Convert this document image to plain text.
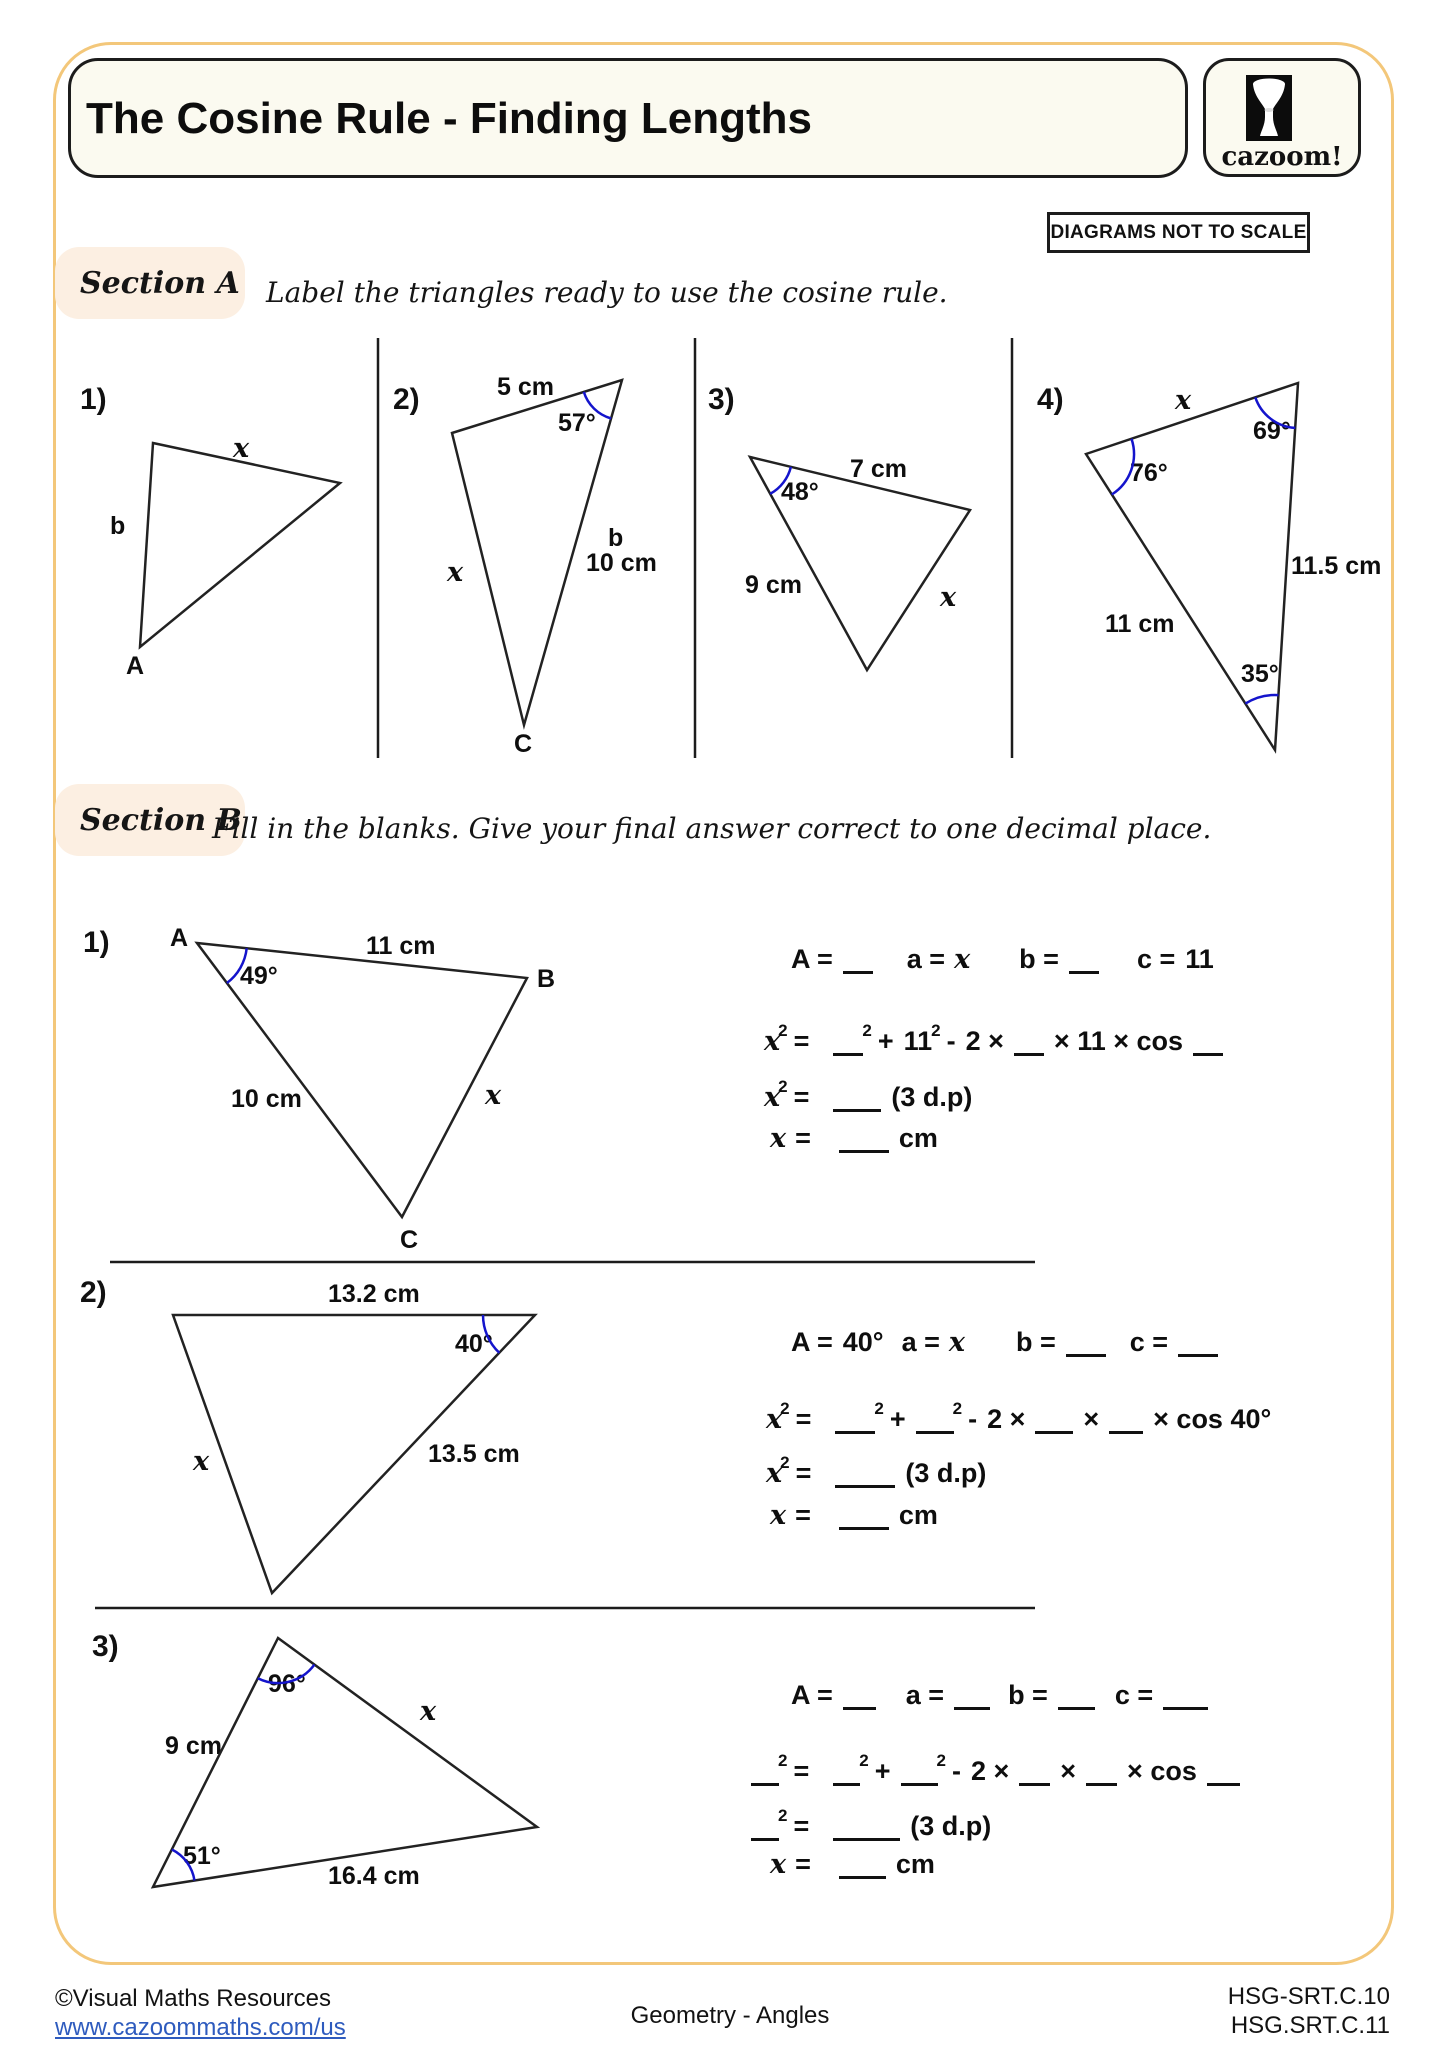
The Cosine Rule - Finding Lengths
cazoom!
DIAGRAMS NOT TO SCALE
Section A Label the triangles ready to use the cosine rule.
Section B
Fill in the blanks. Give your final answer correct to one decimal place.
1)
x
b
A
2)	5 cm
57°
x
b
10 cm
C
3)
7 cm
48°
9 cm	x
4)	x
69°
76°
11.5 cm
11 cm
35°
1) A	11 cm
B
49°
10 cm	x
C
A =	a = x b =	c = 11
x2 =	2 + 112 - 2 × × 11 × cos
x2 =	(3 d.p)
x =	cm
2)	13.2 cm
40°
x	13.5 cm
A = 40° a = x b =	c =
x2 =	2 +	2 - 2 × × × cos 40°
x2 =	(3 d.p)
x =	cm
3)
96°
x
9 cm
51°
16.4 cm
A =	a = b = c =
2 =	2 +	2 - 2 × × × cos
2 =	(3 d.p)
x =	cm
©Visual Maths Resources
www.cazoommaths.com/us	Geometry - Angles
HSG-SRT.C.10
HSG.SRT.C.11
